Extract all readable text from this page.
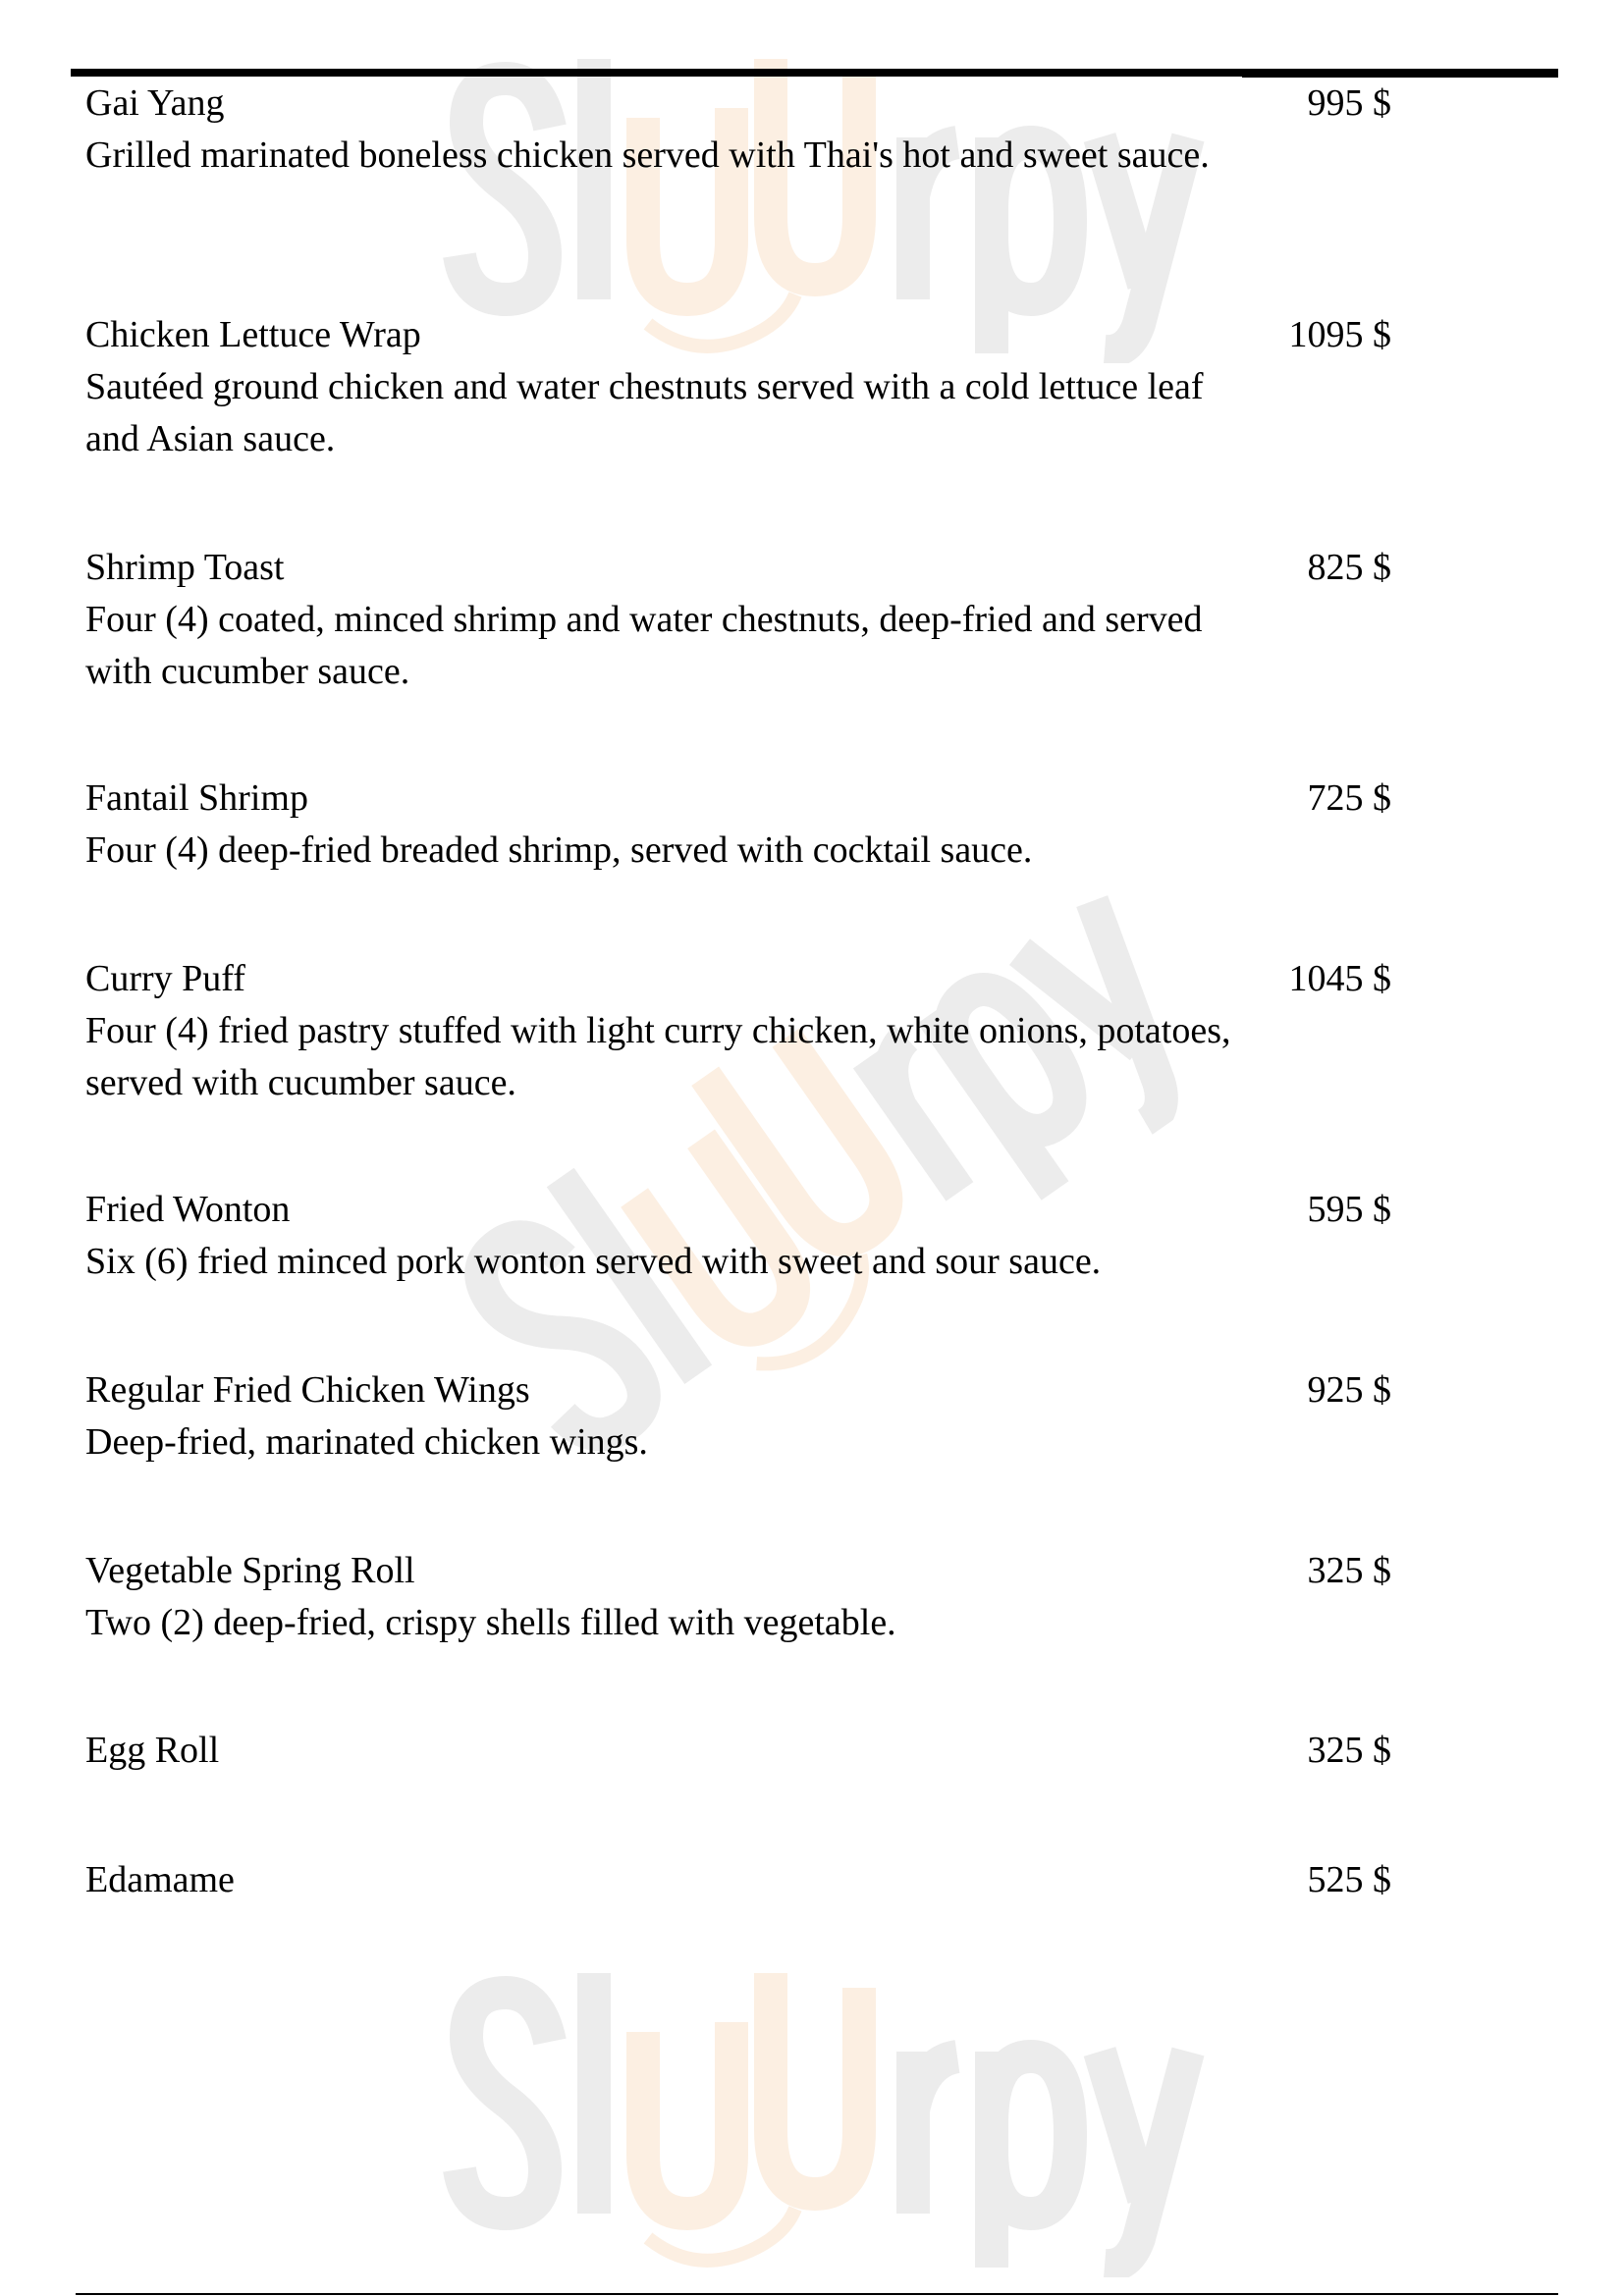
Gai Yang
Grilled marinated boneless chicken served with Thai's hot and sweet sauce.
995 $
Chicken Lettuce Wrap
Sautéed ground chicken and water chestnuts served with a cold lettuce leaf and Asian sauce.
1095 $
Shrimp Toast
Four (4) coated, minced shrimp and water chestnuts, deep-fried and served with cucumber sauce.
825 $
Fantail Shrimp
Four (4) deep-fried breaded shrimp, served with cocktail sauce.
725 $
Curry Puff
Four (4) fried pastry stuffed with light curry chicken, white onions, potatoes, served with cucumber sauce.
1045 $
Fried Wonton
Six (6) fried minced pork wonton served with sweet and sour sauce.
595 $
Regular Fried Chicken Wings
Deep-fried, marinated chicken wings.
925 $
Vegetable Spring Roll
Two (2) deep-fried, crispy shells filled with vegetable.
325 $
Egg Roll	325 $
Edamame	525 $
